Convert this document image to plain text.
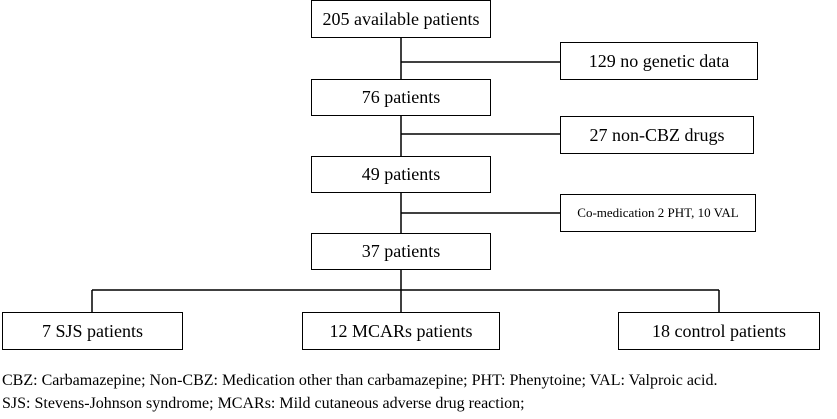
205 available patients
129 no genetic data
76 patients
27 non-CBZ drugs
49 patients
Co-medication 2 PHT, 10 VAL
37 patients
7 SJS patients	12 MCARs patients	18 control patients
CBZ: Carbamazepine; Non-CBZ: Medication other than carbamazepine; PHT: Phenytoine; VAL: Valproic acid.
SJS: Stevens-Johnson syndrome; MCARs: Mild cutaneous adverse drug reaction;
